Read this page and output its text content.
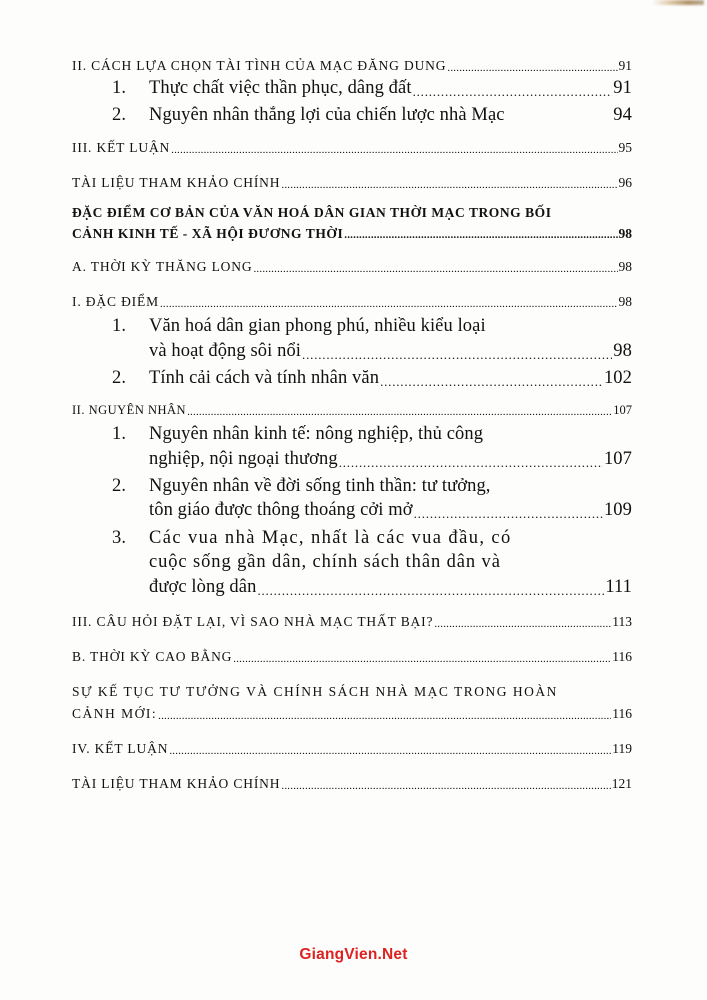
II. CÁCH LỰA CHỌN TÀI TÌNH CỦA MẠC ĐĂNG DUNG .....	91
1.	Thực chất việc thần phục, dâng đất .....	91
2.	Nguyên nhân thắng lợi của chiến lược nhà Mạc	94
III. KẾT LUẬN .....	95
TÀI LIỆU THAM KHẢO CHÍNH .....	96
ĐẶC ĐIỂM CƠ BẢN CỦA VĂN HOÁ DÂN GIAN THỜI MẠC TRONG BỐI
CẢNH KINH TẾ - XÃ HỘI ĐƯƠNG THỜI .....	98
A. THỜI KỲ THĂNG LONG .....	98
I. ĐẶC ĐIỂM .....	98
1.	Văn hoá dân gian phong phú, nhiều kiểu loại
và hoạt động sôi nổi .....	98
2.	Tính cải cách và tính nhân văn .....	102
II. NGUYÊN NHÂN .....	107
1.	Nguyên nhân kinh tế: nông nghiệp, thủ công
nghiệp, nội ngoại thương .....	107
2.	Nguyên nhân về đời sống tinh thần: tư tưởng,
tôn giáo được thông thoáng cởi mở .....	109
3.	Các vua nhà Mạc, nhất là các vua đầu, có
cuộc sống gần dân, chính sách thân dân và
được lòng dân .....	111
III. CÂU HỎI ĐẶT LẠI, VÌ SAO NHÀ MẠC THẤT BẠI? .....	113
B. THỜI KỲ CAO BẰNG .....	116
SỰ KẾ TỤC TƯ TƯỞNG VÀ CHÍNH SÁCH NHÀ MẠC TRONG HOÀN
CẢNH MỚI: .....	116
IV. KẾT LUẬN .....	119
TÀI LIỆU THAM KHẢO CHÍNH .....	121
GiangVien.Net
